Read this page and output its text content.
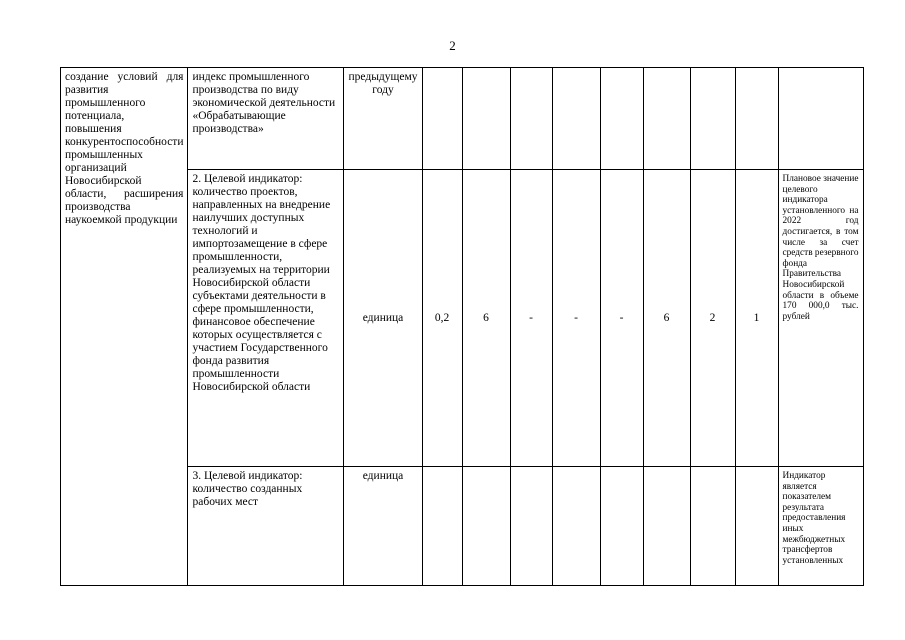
2
создание условий для развития промышленного потенциала, повышения конкурентоспособности промышленных организаций Новосибирской области, расширения производства наукоемкой продукции	индекс промышленного производства по виду экономической деятельности «Обрабатывающие производства»	предыдущему году									
	2. Целевой индикатор: количество проектов, направленных на внедрение наилучших доступных технологий и импортозамещение в сфере промышленности, реализуемых на территории Новосибирской области субъектами деятельности в сфере промышленности, финансовое обеспечение которых осуществляется с участием Государственного фонда развития промышленности Новосибирской области	единица	0,2	6	-	-	-	6	2	1	Плановое значение целевого индикатора установленного на 2022 год достигается, в том числе за счет средств резервного фонда Правительства Новосибирской области в объеме 170 000,0 тыс. рублей
	3. Целевой индикатор: количество созданных рабочих мест	единица									Индикатор является показателем результата предоставления иных межбюджетных трансфертов установленных
